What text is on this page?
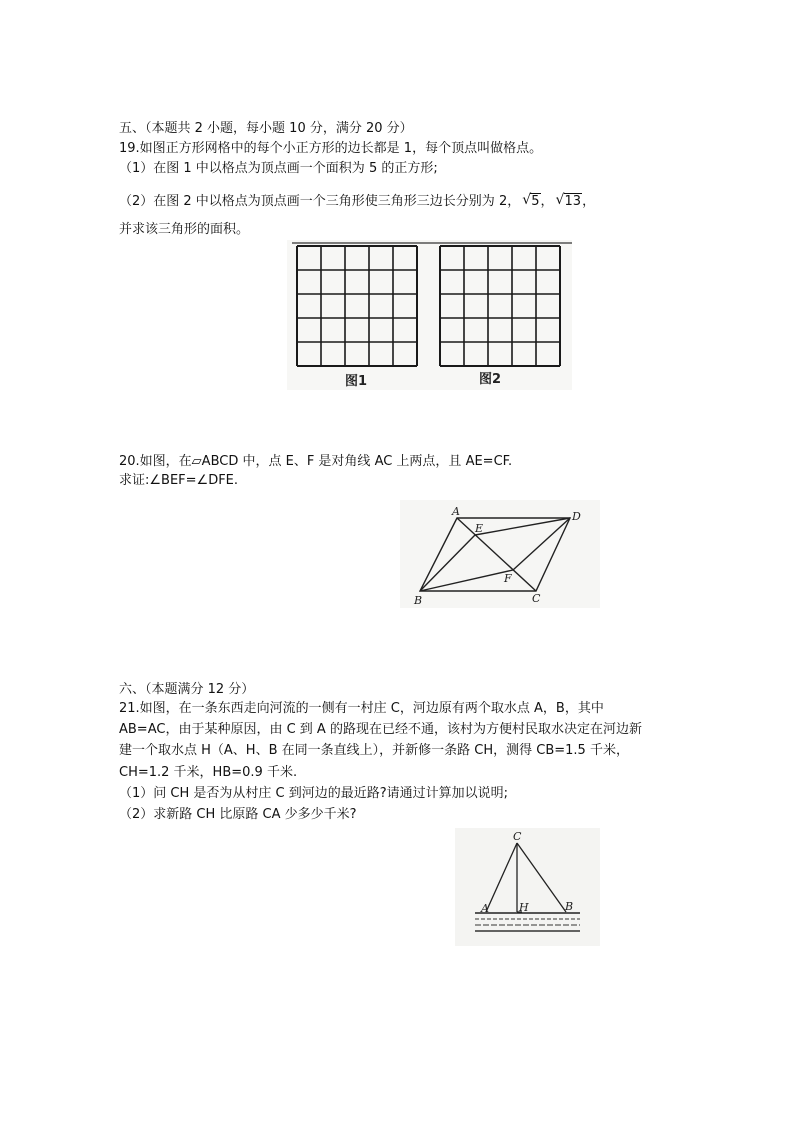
五、（本题共 2 小题，每小题 10 分，满分 20 分）
19.如图正方形网格中的每个小正方形的边长都是 1，每个顶点叫做格点。
（1）在图 1 中以格点为顶点画一个面积为 5 的正方形;
（2）在图 2 中以格点为顶点画一个三角形使三角形三边长分别为 2， √ 5， √ 13，
并求该三角形的面积。
图1	图2
20.如图，在▱ABCD 中，点 E、F 是对角线 AC 上两点，且 AE=CF.
求证:∠BEF=∠DFE.
A	D
E
F
B	C
六、（本题满分 12 分）
21.如图，在一条东西走向河流的一侧有一村庄 C，河边原有两个取水点 A，B，其中
AB=AC，由于某种原因，由 C 到 A 的路现在已经不通，该村为方便村民取水决定在河边新
建一个取水点 H（A、H、B 在同一条直线上），并新修一条路 CH，测得 CB=1.5 千米，
CH=1.2 千米，HB=0.9 千米.
（1）问 CH 是否为从村庄 C 到河边的最近路?请通过计算加以说明;
（2）求新路 CH 比原路 CA 少多少千米?
C
A	H	B
